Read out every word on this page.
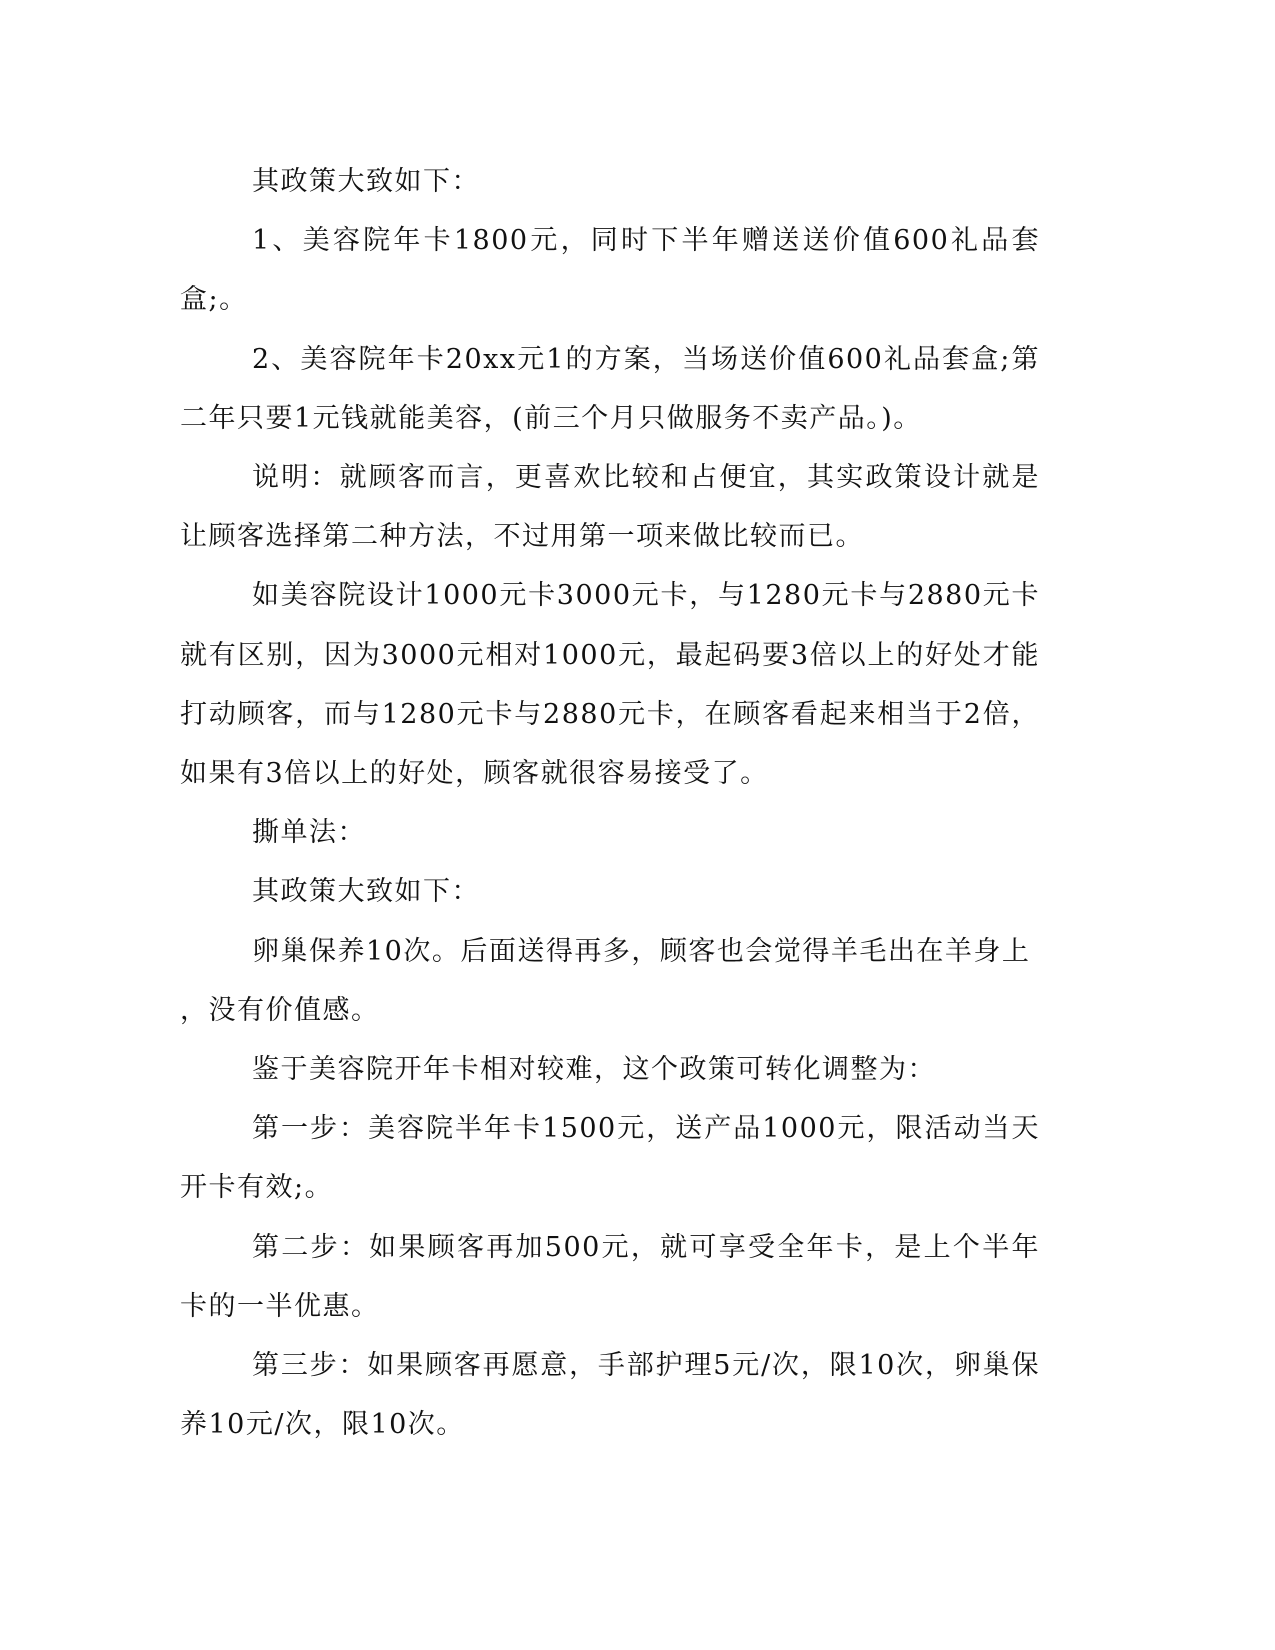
其政策大致如下：

1、美容院年卡1800元，同时下半年赠送送价值600礼品套盒;。

2、美容院年卡20xx元1的方案，当场送价值600礼品套盒;第二年只要1元钱就能美容，(前三个月只做服务不卖产品。)。

说明：就顾客而言，更喜欢比较和占便宜，其实政策设计就是让顾客选择第二种方法，不过用第一项来做比较而已。

如美容院设计1000元卡3000元卡，与1280元卡与2880元卡就有区别，因为3000元相对1000元，最起码要3倍以上的好处才能打动顾客，而与1280元卡与2880元卡，在顾客看起来相当于2倍，如果有3倍以上的好处，顾客就很容易接受了。

撕单法：

其政策大致如下：

卵巢保养10次。后面送得再多，顾客也会觉得羊毛出在羊身上

，没有价值感。

鉴于美容院开年卡相对较难，这个政策可转化调整为：

第一步：美容院半年卡1500元，送产品1000元，限活动当天开卡有效;。

第二步：如果顾客再加500元，就可享受全年卡，是上个半年卡的一半优惠。

第三步：如果顾客再愿意，手部护理5元/次，限10次，卵巢保养10元/次，限10次。
